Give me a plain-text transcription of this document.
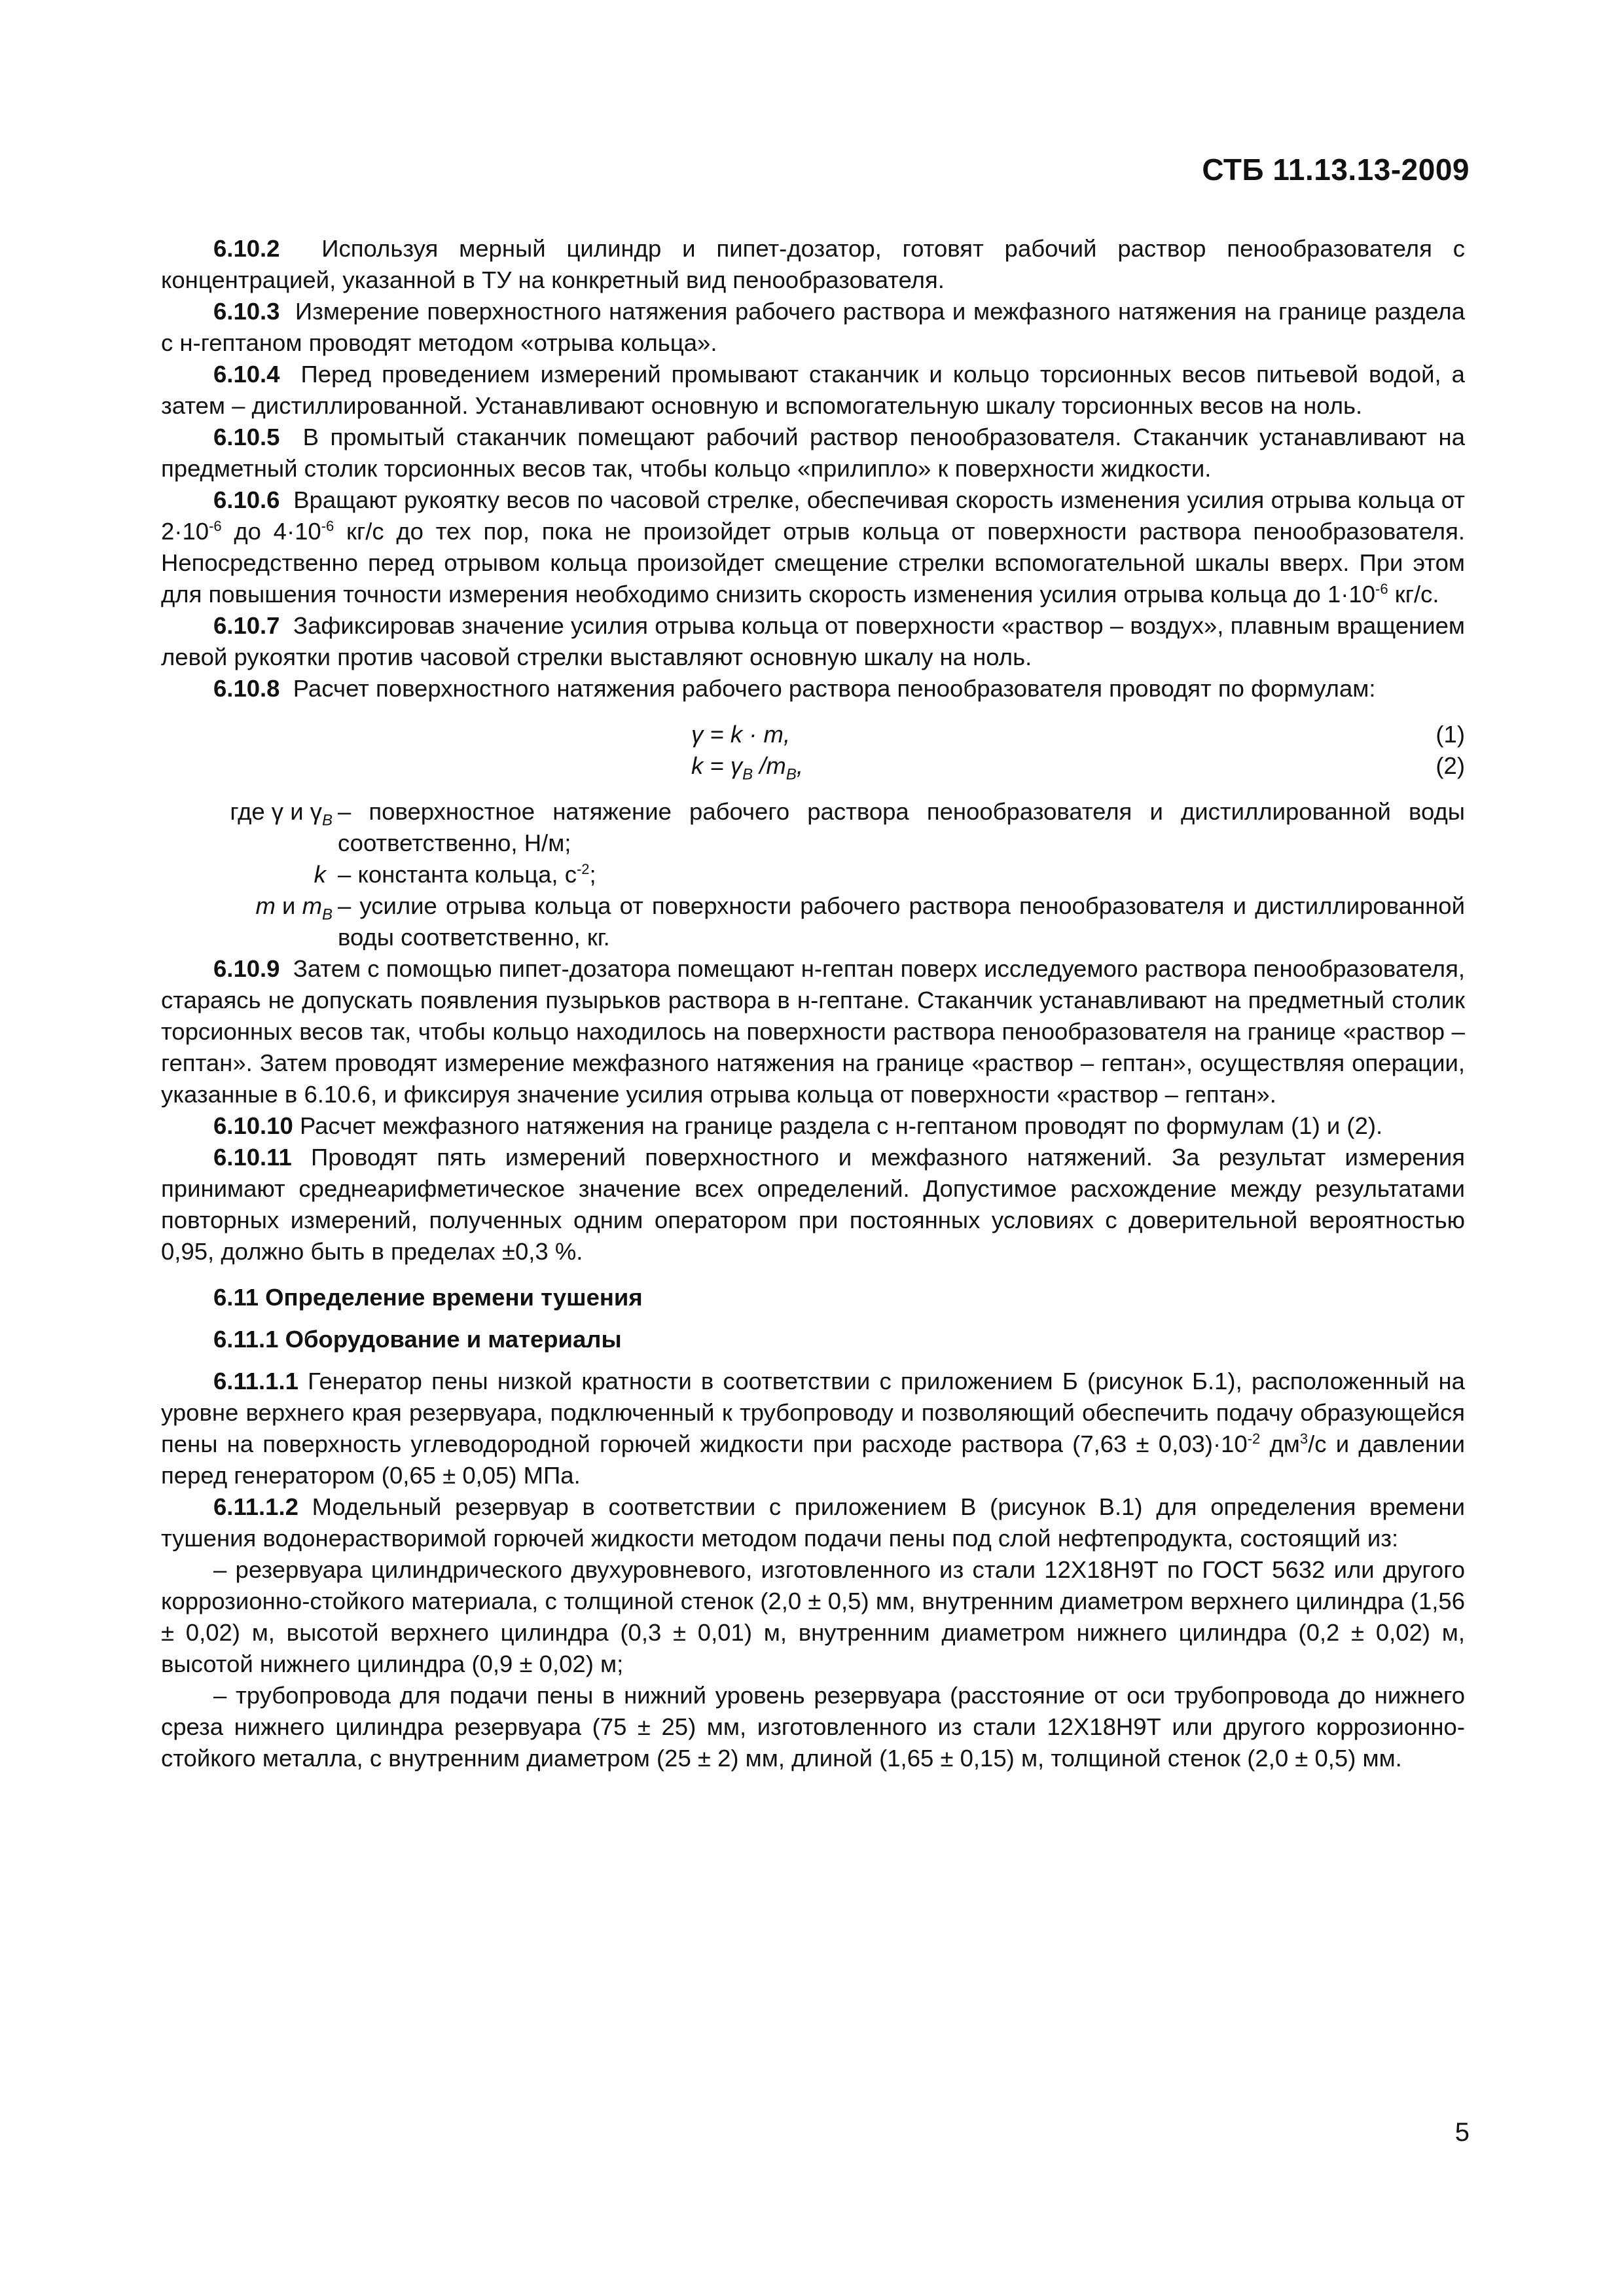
СТБ 11.13.13-2009

6.10.2 Используя мерный цилиндр и пипет-дозатор, готовят рабочий раствор пенообразователя с концентрацией, указанной в ТУ на конкретный вид пенообразователя.

6.10.3 Измерение поверхностного натяжения рабочего раствора и межфазного натяжения на границе раздела с н-гептаном проводят методом «отрыва кольца».

6.10.4 Перед проведением измерений промывают стаканчик и кольцо торсионных весов питьевой водой, а затем – дистиллированной. Устанавливают основную и вспомогательную шкалу торсионных весов на ноль.

6.10.5 В промытый стаканчик помещают рабочий раствор пенообразователя. Стаканчик устанавливают на предметный столик торсионных весов так, чтобы кольцо «прилипло» к поверхности жидкости.

6.10.6 Вращают рукоятку весов по часовой стрелке, обеспечивая скорость изменения усилия отрыва кольца от $2\cdot 10^{-6}$ до $4\cdot 10^{-6}$ кг/с до тех пор, пока не произойдет отрыв кольца от поверхности раствора пенообразователя. Непосредственно перед отрывом кольца произойдет смещение стрелки вспомогательной шкалы вверх. При этом для повышения точности измерения необходимо снизить скорость изменения усилия отрыва кольца до $1\cdot 10^{-6}$ кг/с.

6.10.7 Зафиксировав значение усилия отрыва кольца от поверхности «раствор – воздух», плавным вращением левой рукоятки против часовой стрелки выставляют основную шкалу на ноль.

6.10.8 Расчет поверхностного натяжения рабочего раствора пенообразователя проводят по формулам:

γ = k · m,	(1)
$k = \gamma_B$ $/m_B$,	(2)
где γ и $\gamma_B$ – поверхностное натяжение рабочего раствора пенообразователя и дистиллированной воды соответственно, Н/м;
k – константа кольца, $с^{-2}$;
m и $m_B$ – усилие отрыва кольца от поверхности рабочего раствора пенообразователя и дистиллированной воды соответственно, кг.

6.10.9 Затем с помощью пипет-дозатора помещают н-гептан поверх исследуемого раствора пенообразователя, стараясь не допускать появления пузырьков раствора в н-гептане. Стаканчик устанавливают на предметный столик торсионных весов так, чтобы кольцо находилось на поверхности раствора пенообразователя на границе «раствор – гептан». Затем проводят измерение межфазного натяжения на границе «раствор – гептан», осуществляя операции, указанные в 6.10.6, и фиксируя значение усилия отрыва кольца от поверхности «раствор – гептан».

6.10.10 Расчет межфазного натяжения на границе раздела с н-гептаном проводят по формулам (1) и (2).

6.10.11 Проводят пять измерений поверхностного и межфазного натяжений. За результат измерения принимают среднеарифметическое значение всех определений. Допустимое расхождение между результатами повторных измерений, полученных одним оператором при постоянных условиях с доверительной вероятностью 0,95, должно быть в пределах ±0,3 %.

6.11 Определение времени тушения

6.11.1 Оборудование и материалы

6.11.1.1 Генератор пены низкой кратности в соответствии с приложением Б (рисунок Б.1), расположенный на уровне верхнего края резервуара, подключенный к трубопроводу и позволяющий обеспечить подачу образующейся пены на поверхность углеводородной горючей жидкости при расходе раствора $(7,63 \pm 0,03)\cdot 10^{-2}$ $дм^3/с$ и давлении перед генератором (0,65 ± 0,05) МПа.

6.11.1.2 Модельный резервуар в соответствии с приложением В (рисунок В.1) для определения времени тушения водонерастворимой горючей жидкости методом подачи пены под слой нефтепродукта, состоящий из:

– резервуара цилиндрического двухуровневого, изготовленного из стали 12Х18Н9Т по ГОСТ 5632 или другого коррозионно-стойкого материала, с толщиной стенок (2,0 ± 0,5) мм, внутренним диаметром верхнего цилиндра (1,56 ± 0,02) м, высотой верхнего цилиндра (0,3 ± 0,01) м, внутренним диаметром нижнего цилиндра (0,2 ± 0,02) м, высотой нижнего цилиндра (0,9 ± 0,02) м;

– трубопровода для подачи пены в нижний уровень резервуара (расстояние от оси трубопровода до нижнего среза нижнего цилиндра резервуара (75 ± 25) мм, изготовленного из стали 12Х18Н9Т или другого коррозионно-стойкого металла, с внутренним диаметром (25 ± 2) мм, длиной (1,65 ± 0,15) м, толщиной стенок (2,0 ± 0,5) мм.

5
